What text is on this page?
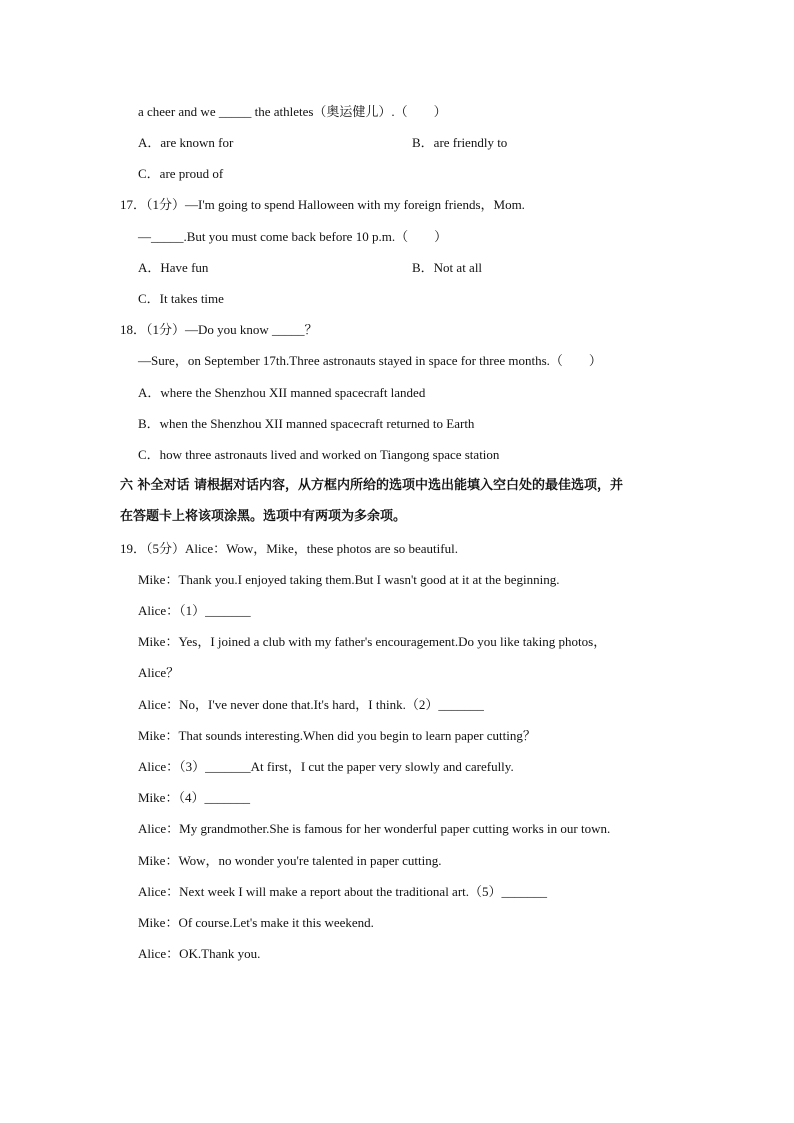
a cheer and we _____ the athletes（奥运健儿）.（　　）
A．are known for	B．are friendly to
C．are proud of
17．（1分）—I'm going to spend Halloween with my foreign friends，Mom.
—_____.But you must come back before 10 p.m.（　　）
A．Have fun	B．Not at all
C．It takes time
18．（1分）—Do you know _____？
—Sure，on September 17th.Three astronauts stayed in space for three months.（　　）
A．where the Shenzhou XII manned spacecraft landed
B．when the Shenzhou XII manned spacecraft returned to Earth
C．how three astronauts lived and worked on Tiangong space station
六 补全对话 请根据对话内容，从方框内所给的选项中选出能填入空白处的最佳选项，并
在答题卡上将该项涂黑。选项中有两项为多余项。
19．（5分）Alice：Wow，Mike，these photos are so beautiful.
Mike：Thank you.I enjoyed taking them.But I wasn't good at it at the beginning.
Alice：（1）_______
Mike：Yes，I joined a club with my father's encouragement.Do you like taking photos，
Alice？
Alice：No，I've never done that.It's hard，I think.（2）_______
Mike：That sounds interesting.When did you begin to learn paper cutting？
Alice：（3）_______At first，I cut the paper very slowly and carefully.
Mike：（4）_______
Alice：My grandmother.She is famous for her wonderful paper cutting works in our town.
Mike：Wow，no wonder you're talented in paper cutting.
Alice：Next week I will make a report about the traditional art.（5）_______
Mike：Of course.Let's make it this weekend.
Alice：OK.Thank you.
